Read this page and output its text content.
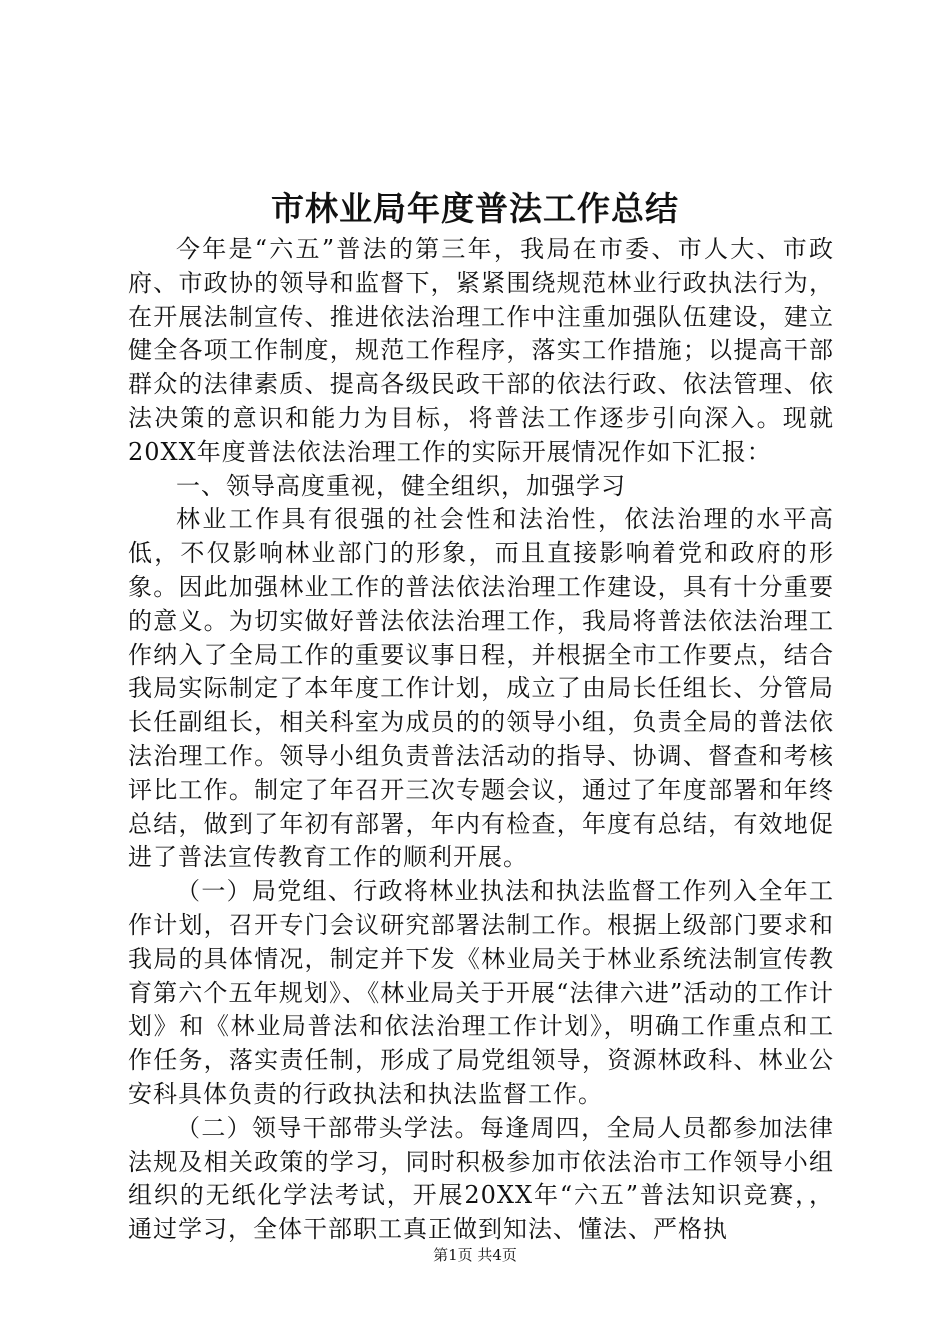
市林业局年度普法工作总结

今年是“六五”普法的第三年，我局在市委、市人大、市政府、市政协的领导和监督下，紧紧围绕规范林业行政执法行为，在开展法制宣传、推进依法治理工作中注重加强队伍建设，建立健全各项工作制度，规范工作程序，落实工作措施；以提高干部群众的法律素质、提高各级民政干部的依法行政、依法管理、依法决策的意识和能力为目标，将普法工作逐步引向深入。现就20XX年度普法依法治理工作的实际开展情况作如下汇报：

一、领导高度重视，健全组织，加强学习

林业工作具有很强的社会性和法治性，依法治理的水平高低，不仅影响林业部门的形象，而且直接影响着党和政府的形象。因此加强林业工作的普法依法治理工作建设，具有十分重要的意义。为切实做好普法依法治理工作，我局将普法依法治理工作纳入了全局工作的重要议事日程，并根据全市工作要点，结合我局实际制定了本年度工作计划，成立了由局长任组长、分管局长任副组长，相关科室为成员的的领导小组，负责全局的普法依法治理工作。领导小组负责普法活动的指导、协调、督查和考核评比工作。制定了年召开三次专题会议，通过了年度部署和年终总结，做到了年初有部署，年内有检查，年度有总结，有效地促进了普法宣传教育工作的顺利开展。

（一）局党组、行政将林业执法和执法监督工作列入全年工作计划，召开专门会议研究部署法制工作。根据上级部门要求和我局的具体情况，制定并下发《林业局关于林业系统法制宣传教育第六个五年规划》、《林业局关于开展“法律六进”活动的工作计划》和《林业局普法和依法治理工作计划》，明确工作重点和工作任务，落实责任制，形成了局党组领导，资源林政科、林业公安科具体负责的行政执法和执法监督工作。

（二）领导干部带头学法。每逢周四，全局人员都参加法律法规及相关政策的学习，同时积极参加市依法治市工作领导小组组织的无纸化学法考试，开展20XX年“六五”普法知识竞赛，，通过学习，全体干部职工真正做到知法、懂法、严格执

第1页 共4页
